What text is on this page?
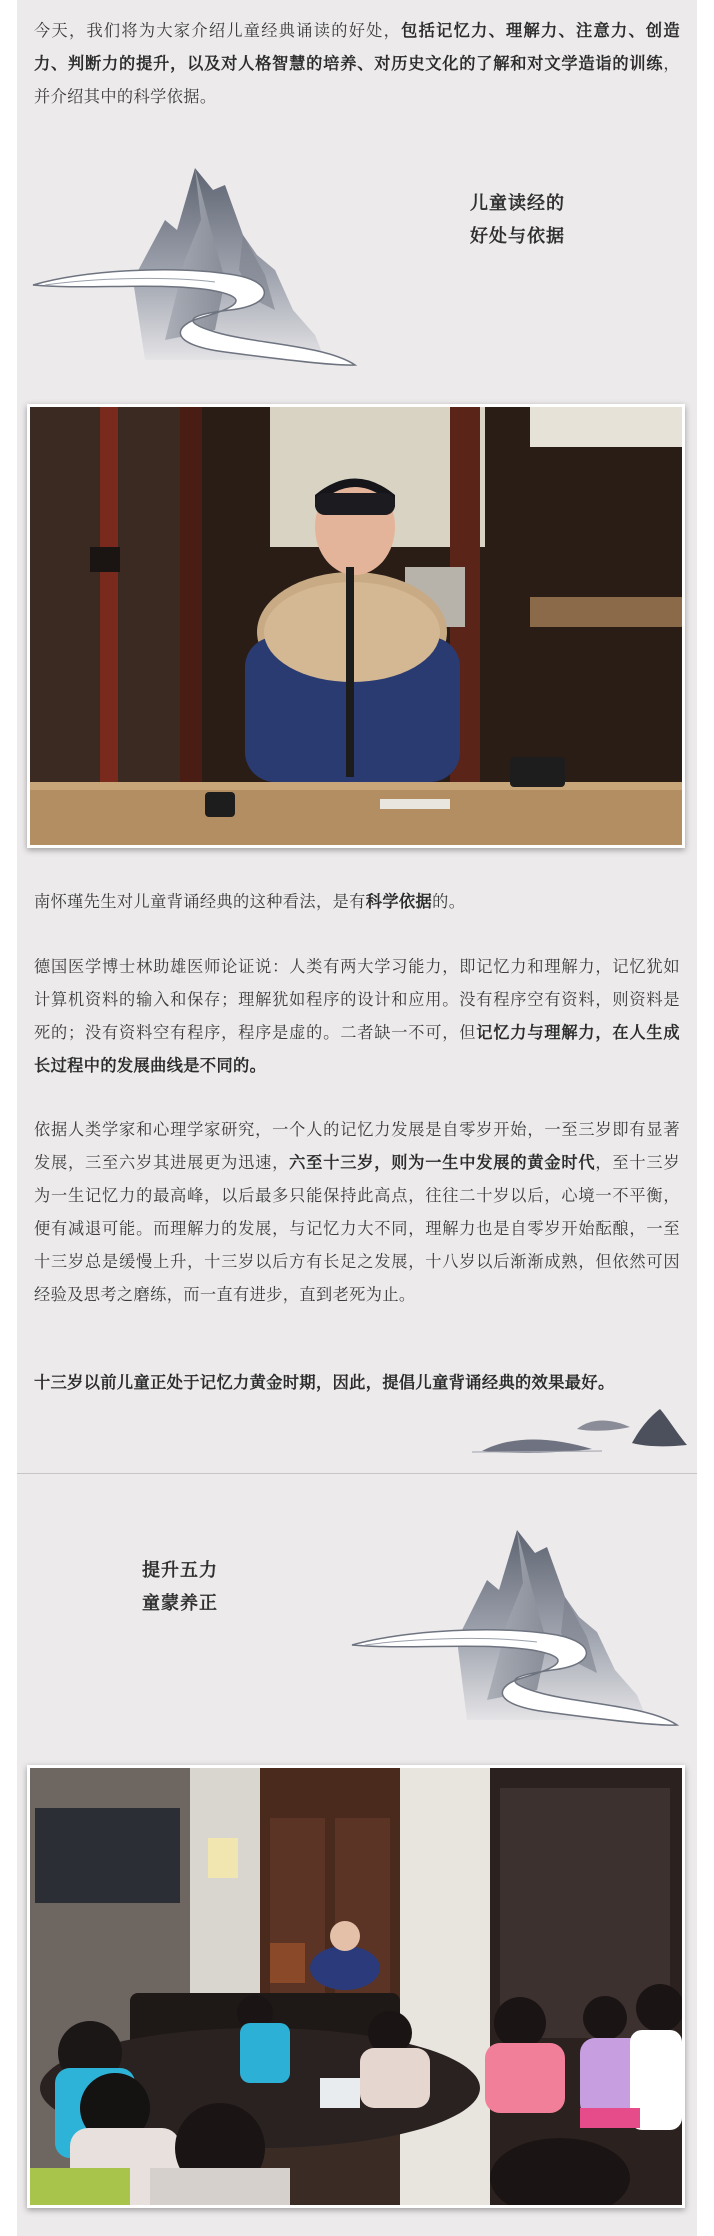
今天，我们将为大家介绍儿童经典诵读的好处，包括记忆力、理解力、注意力、创造力、判断力的提升，以及对人格智慧的培养、对历史文化的了解和对文学造诣的训练，并介绍其中的科学依据。

儿童读经的
好处与依据

南怀瑾先生对儿童背诵经典的这种看法，是有科学依据的。

德国医学博士林助雄医师论证说：人类有两大学习能力，即记忆力和理解力，记忆犹如计算机资料的输入和保存；理解犹如程序的设计和应用。没有程序空有资料，则资料是死的；没有资料空有程序，程序是虚的。二者缺一不可，但记忆力与理解力，在人生成长过程中的发展曲线是不同的。

依据人类学家和心理学家研究，一个人的记忆力发展是自零岁开始，一至三岁即有显著发展，三至六岁其进展更为迅速，六至十三岁，则为一生中发展的黄金时代，至十三岁为一生记忆力的最高峰，以后最多只能保持此高点，往往二十岁以后，心境一不平衡，便有减退可能。而理解力的发展，与记忆力大不同，理解力也是自零岁开始酝酿，一至十三岁总是缓慢上升，十三岁以后方有长足之发展，十八岁以后渐渐成熟，但依然可因经验及思考之磨练，而一直有进步，直到老死为止。

十三岁以前儿童正处于记忆力黄金时期，因此，提倡儿童背诵经典的效果最好。

提升五力
童蒙养正
